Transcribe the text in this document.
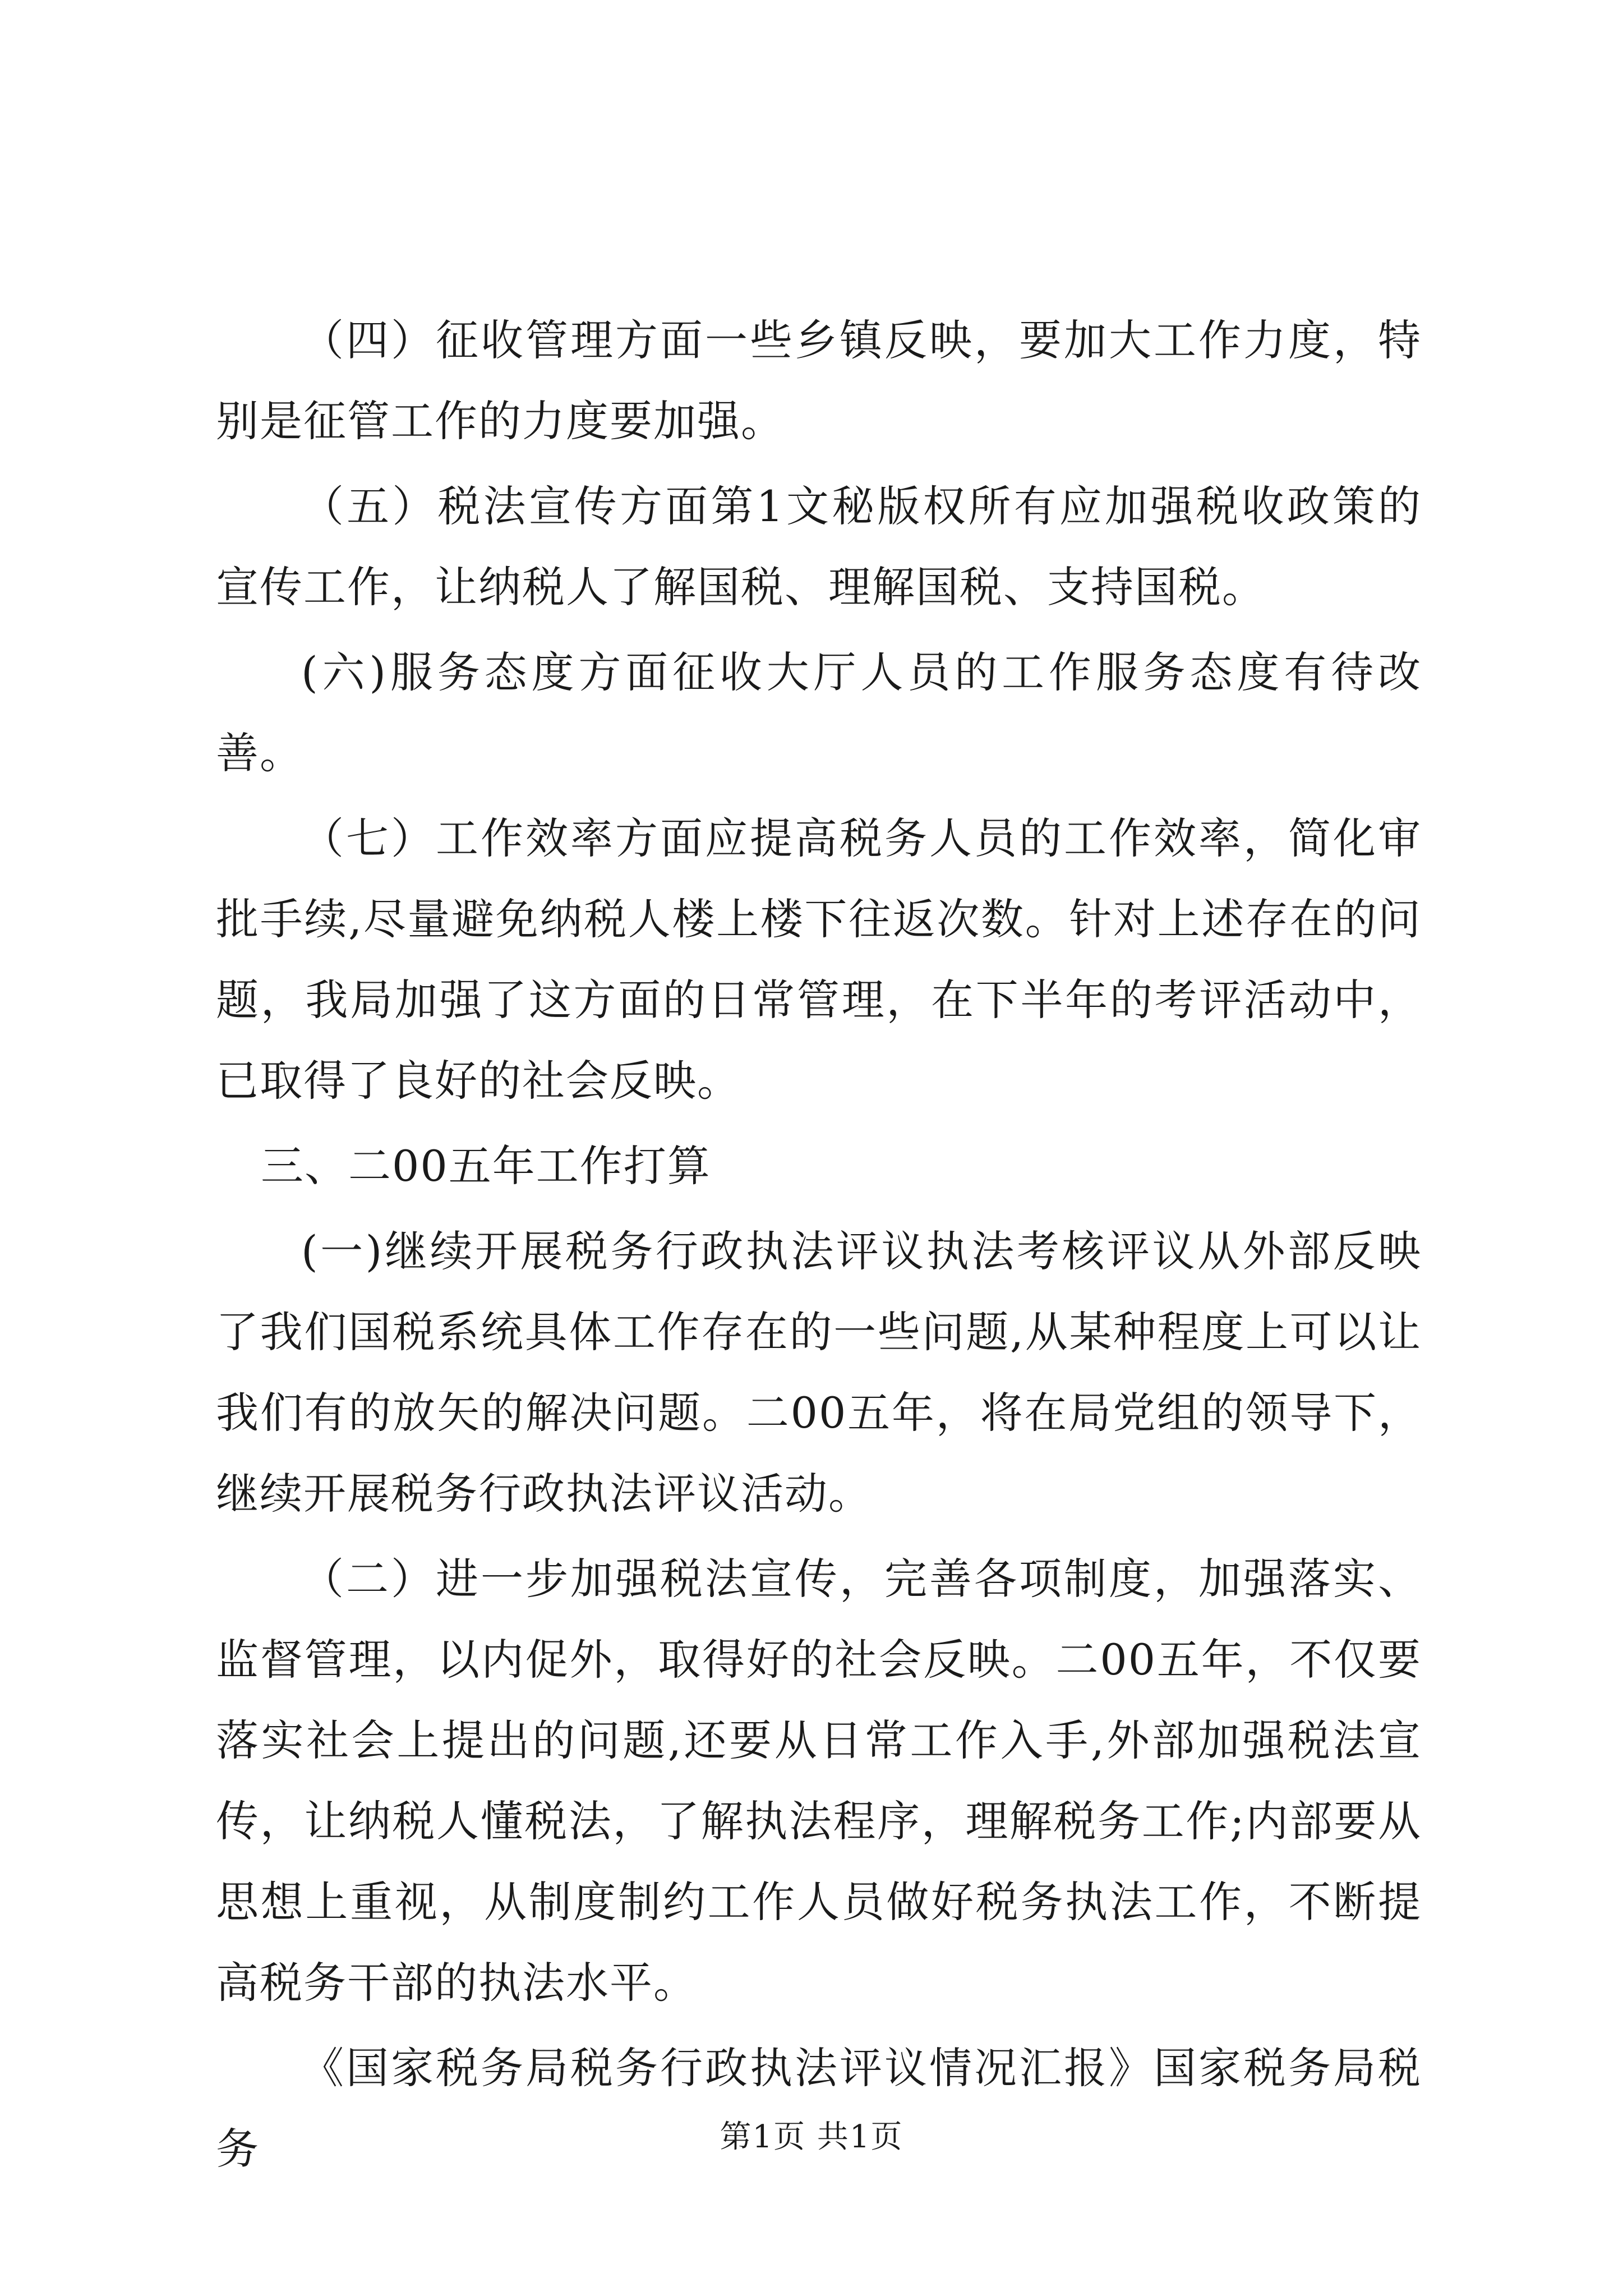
（四）征收管理方面一些乡镇反映，要加大工作力度，特别是征管工作的力度要加强。

（五）税法宣传方面第1文秘版权所有应加强税收政策的宣传工作，让纳税人了解国税、理解国税、支持国税。

(六)服务态度方面征收大厅人员的工作服务态度有待改善。

（七）工作效率方面应提高税务人员的工作效率，简化审批手续,尽量避免纳税人楼上楼下往返次数。针对上述存在的问题，我局加强了这方面的日常管理，在下半年的考评活动中，已取得了良好的社会反映。

三、二00五年工作打算

(一)继续开展税务行政执法评议执法考核评议从外部反映了我们国税系统具体工作存在的一些问题,从某种程度上可以让我们有的放矢的解决问题。二00五年，将在局党组的领导下，继续开展税务行政执法评议活动。

（二）进一步加强税法宣传，完善各项制度，加强落实、监督管理，以内促外，取得好的社会反映。二00五年，不仅要落实社会上提出的问题,还要从日常工作入手,外部加强税法宣传，让纳税人懂税法，了解执法程序，理解税务工作;内部要从思想上重视，从制度制约工作人员做好税务执法工作，不断提高税务干部的执法水平。

《国家税务局税务行政执法评议情况汇报》国家税务局税务	第1页 共1页
